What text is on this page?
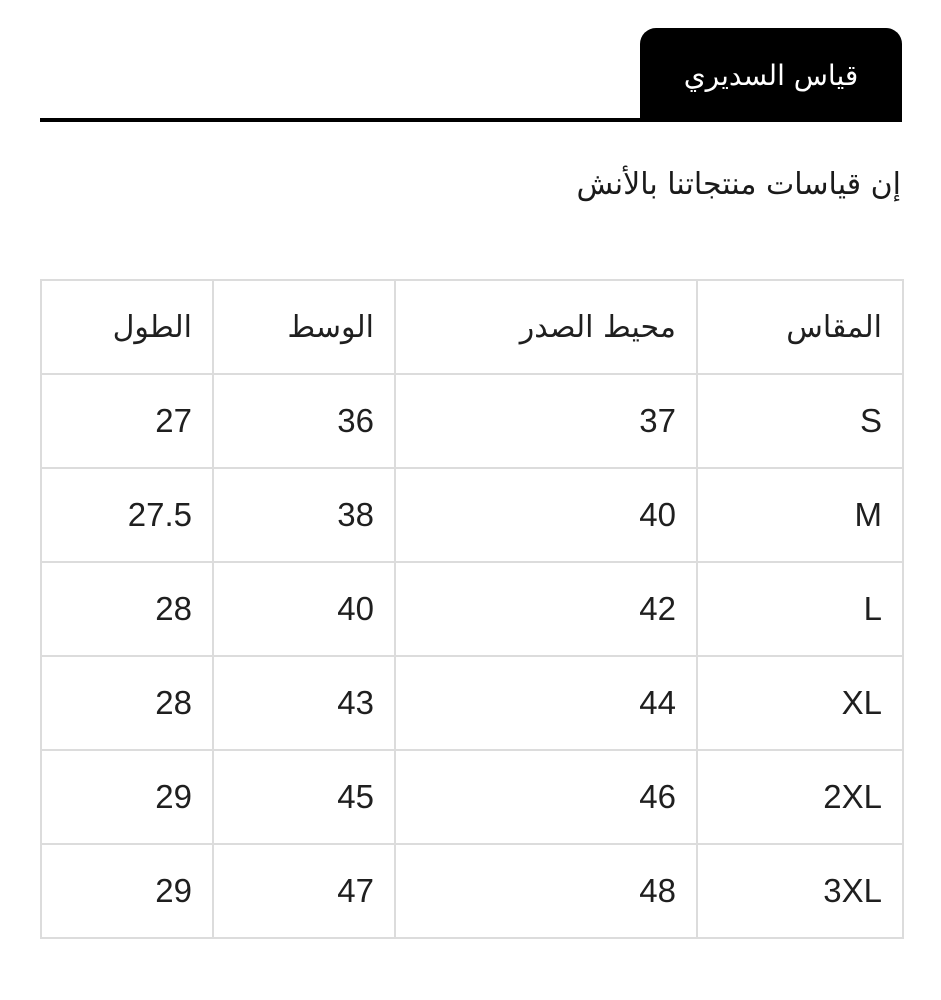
قياس السديري
إن قياسات منتجاتنا بالأنش
المقاس	محيط الصدر	الوسط	الطول
S	37	36	27
M	40	38	27.5
L	42	40	28
XL	44	43	28
2XL	46	45	29
3XL	48	47	29
